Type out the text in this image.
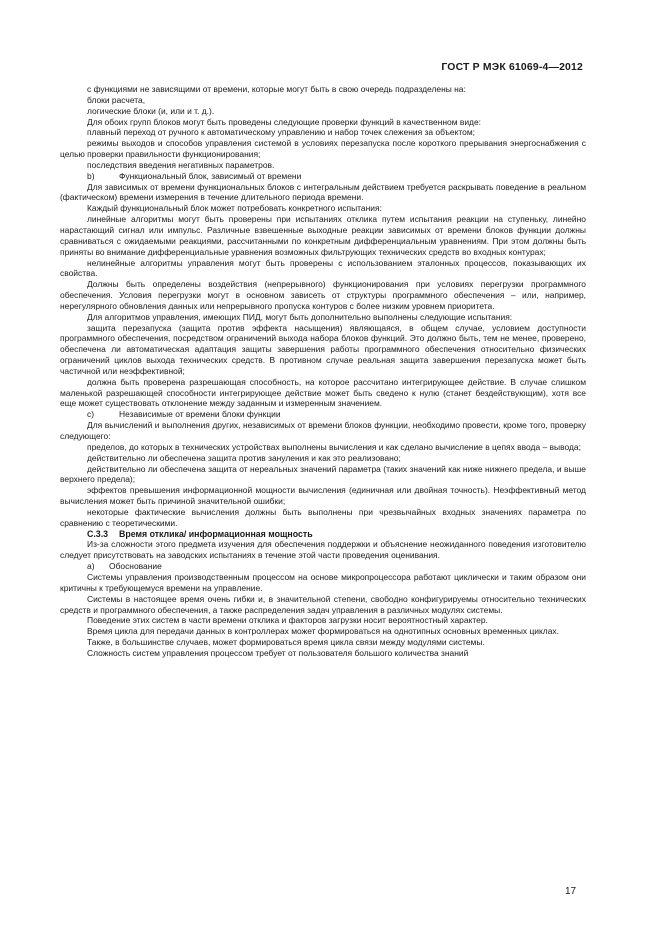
ГОСТ Р МЭК 61069-4—2012

с функциями не зависящими от времени, которые могут быть в свою очередь подразделены на:

блоки расчета,

логические блоки (и, или и т. д.).

Для обоих групп блоков могут быть проведены следующие проверки функций в качественном виде:

плавный переход от ручного к автоматическому управлению и набор точек слежения за объектом;

режимы выходов и способов управления системой в условиях перезапуска после короткого прерывания энергоснабжения с целью проверки правильности функционирования;

последствия введения негативных параметров.

b)	Функциональный блок, зависимый от времени

Для зависимых от времени функциональных блоков с интегральным действием требуется раскрывать поведение в реальном (фактическом) времени измерения в течение длительного периода времени.

Каждый функциональный блок может потребовать конкретного испытания:

линейные алгоритмы могут быть проверены при испытаниях отклика путем испытания реакции на ступеньку, линейно нарастающий сигнал или импульс. Различные взвешенные выходные реакции зависимых от времени блоков функции должны сравниваться с ожидаемыми реакциями, рассчитанными по конкретным дифференциальным уравнениям. При этом должны быть приняты во внимание дифференциальные уравнения возможных фильтрующих технических средств во входных контурах;

нелинейные алгоритмы управления могут быть проверены с использованием эталонных процессов, показывающих их свойства.

Должны быть определены воздействия (непрерывного) функционирования при условиях перегрузки программного обеспечения. Условия перегрузки могут в основном зависеть от структуры программного обеспечения – или, например, нерегулярного обновления данных или непрерывного пропуска контуров с более низким уровнем приоритета.

Для алгоритмов управления, имеющих ПИД, могут быть дополнительно выполнены следующие испытания:

защита перезапуска (защита против эффекта насыщения) являющаяся, в общем случае, условием доступности программного обеспечения, посредством ограничений выхода набора блоков функций. Это должно быть, тем не менее, проверено, обеспечена ли автоматическая адаптация защиты завершения работы программного обеспечения относительно физических ограничений циклов выхода технических средств. В противном случае реальная защита завершения перезапуска может быть частичной или неэффективной;

должна быть проверена разрешающая способность, на которое рассчитано интегрирующее действие. В случае слишком маленькой разрешающей способности интегрирующее действие может быть сведено к нулю (станет бездействующим), хотя все еще может существовать отклонение между заданным и измеренным значением.

c)	Независимые от времени блоки функции

Для вычислений и выполнения других, независимых от времени блоков функции, необходимо провести, кроме того, проверку следующего:

пределов, до которых в технических устройствах выполнены вычисления и как сделано вычисление в цепях ввода – вывода;

действительно ли обеспечена защита против зануления и как это реализовано;

действительно ли обеспечена защита от нереальных значений параметра (таких значений как ниже нижнего предела, и выше верхнего предела);

эффектов превышения информационной мощности вычисления (единичная или двойная точность). Неэффективный метод вычисления может быть причиной значительной ошибки;

некоторые фактические вычисления должны быть выполнены при чрезвычайных входных значениях параметра по сравнению с теоретическими.

С.3.3	Время отклика/ информационная мощность

Из-за сложности этого предмета изучения для обеспечения поддержки и объяснение неожиданного поведения изготовителю следует присутствовать на заводских испытаниях в течение этой части проведения оценивания.

а)	Обоснование

Системы управления производственным процессом на основе микропроцессора работают циклически и таким образом они критичны к требующемуся времени на управление.

Системы в настоящее время очень гибки и, в значительной степени, свободно конфигурируемы относительно технических средств и программного обеспечения, а также распределения задач управления в различных модулях системы.

Поведение этих систем в части времени отклика и факторов загрузки носит вероятностный характер.

Время цикла для передачи данных в контроллерах может формироваться на однотипных основных временных циклах.

Также, в большинстве случаев, может формироваться время цикла связи между модулями системы.

Сложность систем управления процессом требует от пользователя большого количества знаний

17
